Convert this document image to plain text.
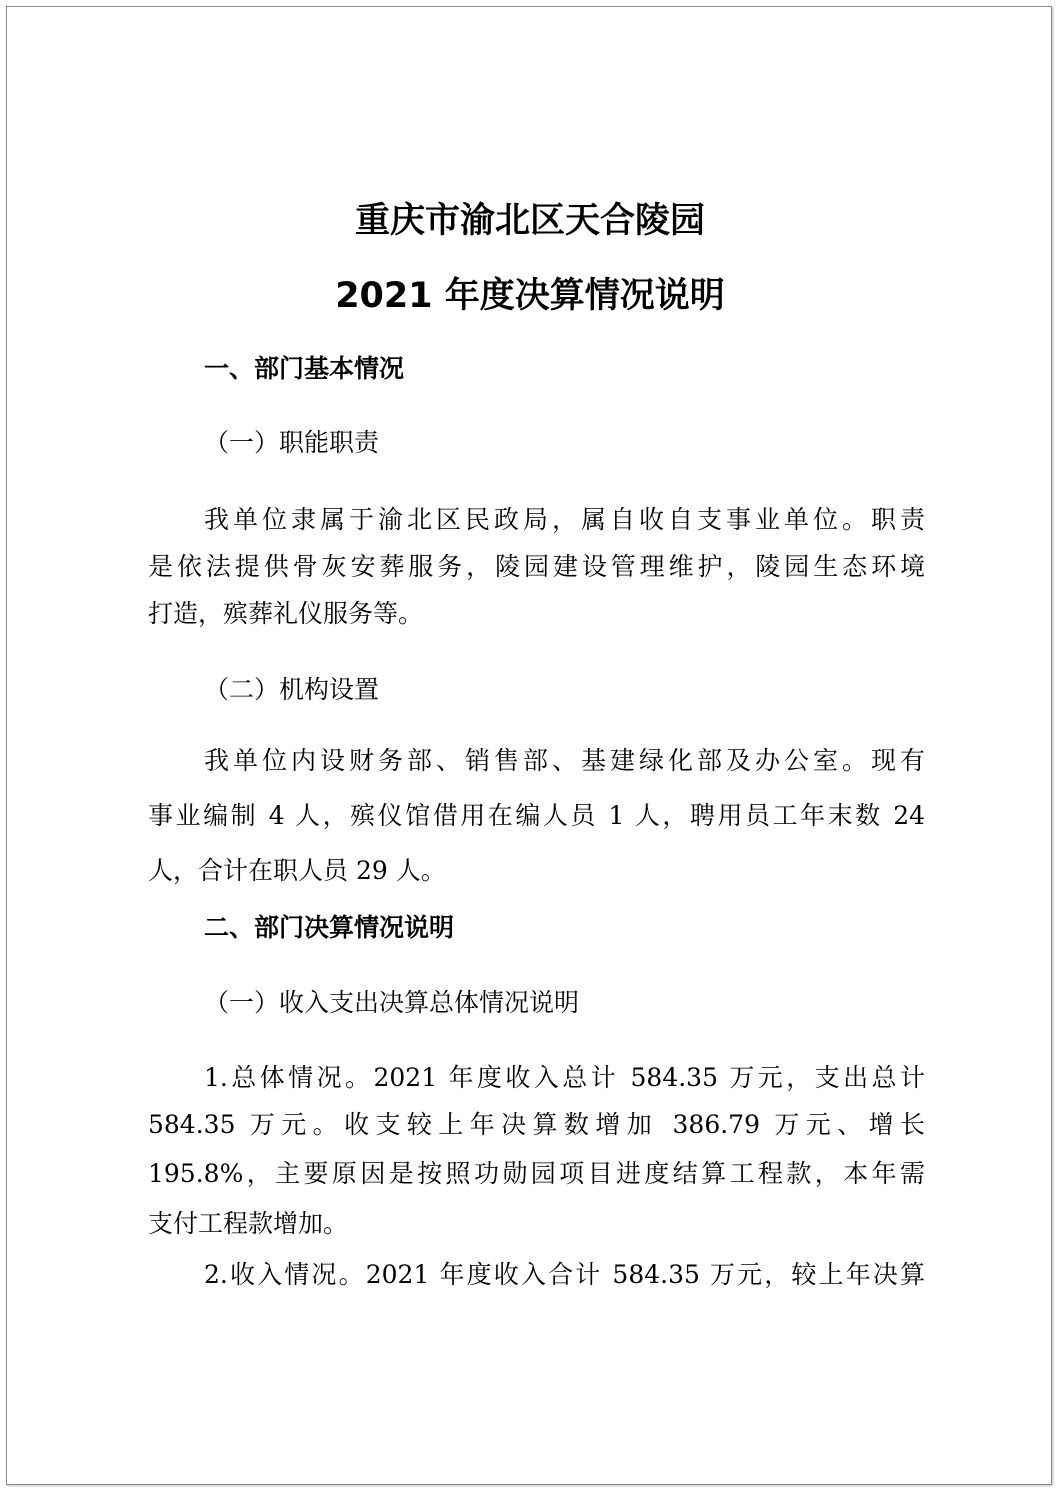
重庆市渝北区天合陵园
2021 年度决算情况说明
一、部门基本情况
（一）职能职责
我单位隶属于渝北区民政局，属自收自支事业单位。职责
是依法提供骨灰安葬服务，陵园建设管理维护，陵园生态环境
打造，殡葬礼仪服务等。
（二）机构设置
我单位内设财务部、销售部、基建绿化部及办公室。现有
事业编制 4 人，殡仪馆借用在编人员 1 人，聘用员工年末数 24
人，合计在职人员 29 人。
二、部门决算情况说明
（一）收入支出决算总体情况说明
1.总体情况。2021 年度收入总计 584.35 万元，支出总计
584.35 万元。收支较上年决算数增加 386.79 万元、增长
195.8%，主要原因是按照功勋园项目进度结算工程款，本年需
支付工程款增加。
2.收入情况。2021 年度收入合计 584.35 万元，较上年决算
